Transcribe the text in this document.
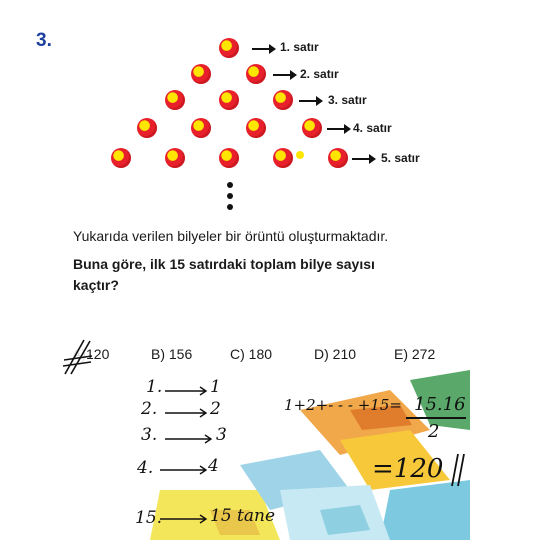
3.	1. satır
2. satır
3. satır
4. satır
5. satır
Yukarıda verilen bilyeler bir örüntü oluşturmaktadır.
Buna göre, ilk 15 satırdaki toplam bilye sayısı
kaçtır?
A)120	B) 156	C) 180	D) 210	E) 272
1.	1
2.	2
3.	3
4.	4
15.	15 tane
1+2+- - - +15= 15.16
2
=120
